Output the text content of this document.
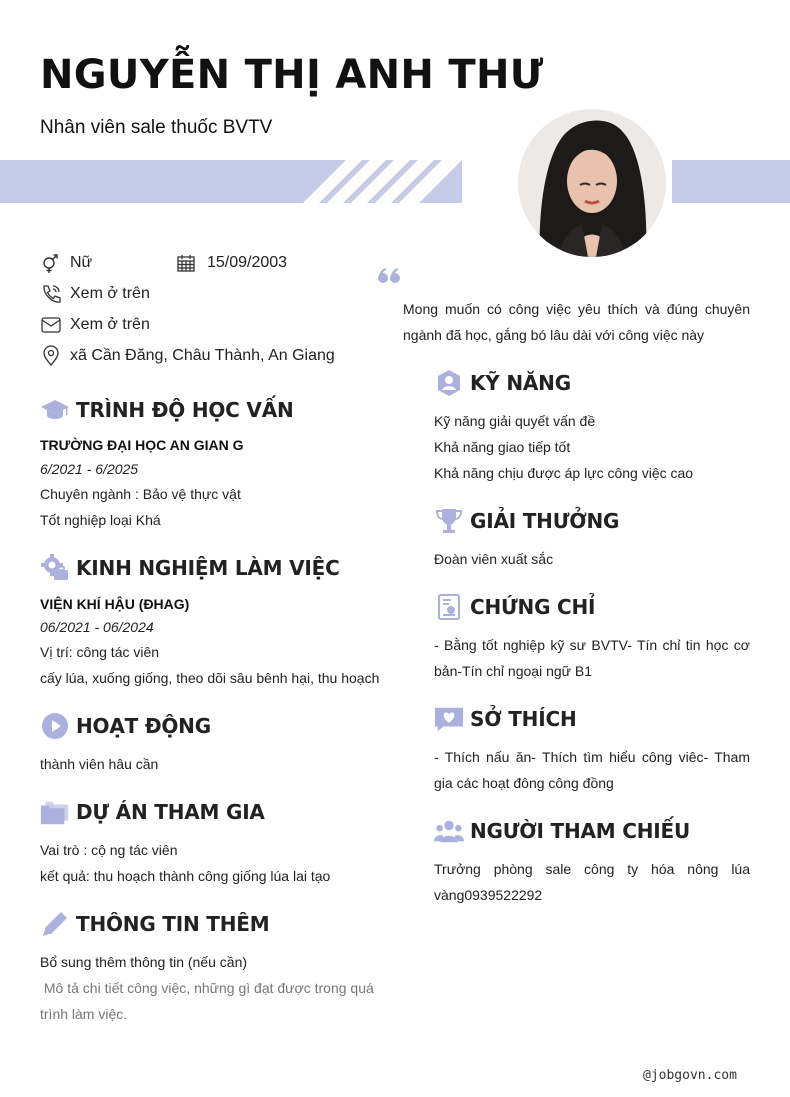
NGUYỄN THỊ ANH THƯ
Nhân viên sale thuốc BVTV
Nữ	15/09/2003
Xem ở trên
Xem ở trên
xã Cần Đăng, Châu Thành, An Giang
TRÌNH ĐỘ HỌC VẤN
TRƯỜNG ĐẠI HỌC AN GIAN G
6/2021 - 6/2025
Chuyên ngành : Bảo vệ thực vật
Tốt nghiệp loại Khá
KINH NGHIỆM LÀM VIỆC
VIỆN KHÍ HẬU (ĐHAG)
06/2021 - 06/2024
Vị trí: công tác viên
cấy lúa, xuống giống, theo dõi sâu bênh hại, thu hoạch
HOẠT ĐỘNG
thành viên hâu cần
DỰ ÁN THAM GIA
Vai trò : cộ ng tác viên
kết quả: thu hoạch thành công giống lúa lai tạo
THÔNG TIN THÊM
Bổ sung thêm thông tin (nếu cần)
Mô tả chi tiết công việc, những gì đạt được trong quá
trình làm việc.
Mong muốn có công việc yêu thích và đúng chuyên ngành đã học, gắng bó lâu dài với công việc này
KỸ NĂNG
Kỹ năng giải quyết vấn đề
Khả năng giao tiếp tốt
Khả năng chịu được áp lực công việc cao
GIẢI THƯỞNG
Đoàn viên xuất sắc
CHỨNG CHỈ
- Bằng tốt nghiệp kỹ sư BVTV- Tín chỉ tin học cơ bản-Tín chỉ ngoại ngữ B1
SỞ THÍCH
- Thích nấu ăn- Thích tìm hiểu công viêc- Tham gia các hoạt đông công đồng
NGƯỜI THAM CHIẾU
Trưởng phòng sale công ty hóa nông lúa vàng0939522292
@jobgovn.com
